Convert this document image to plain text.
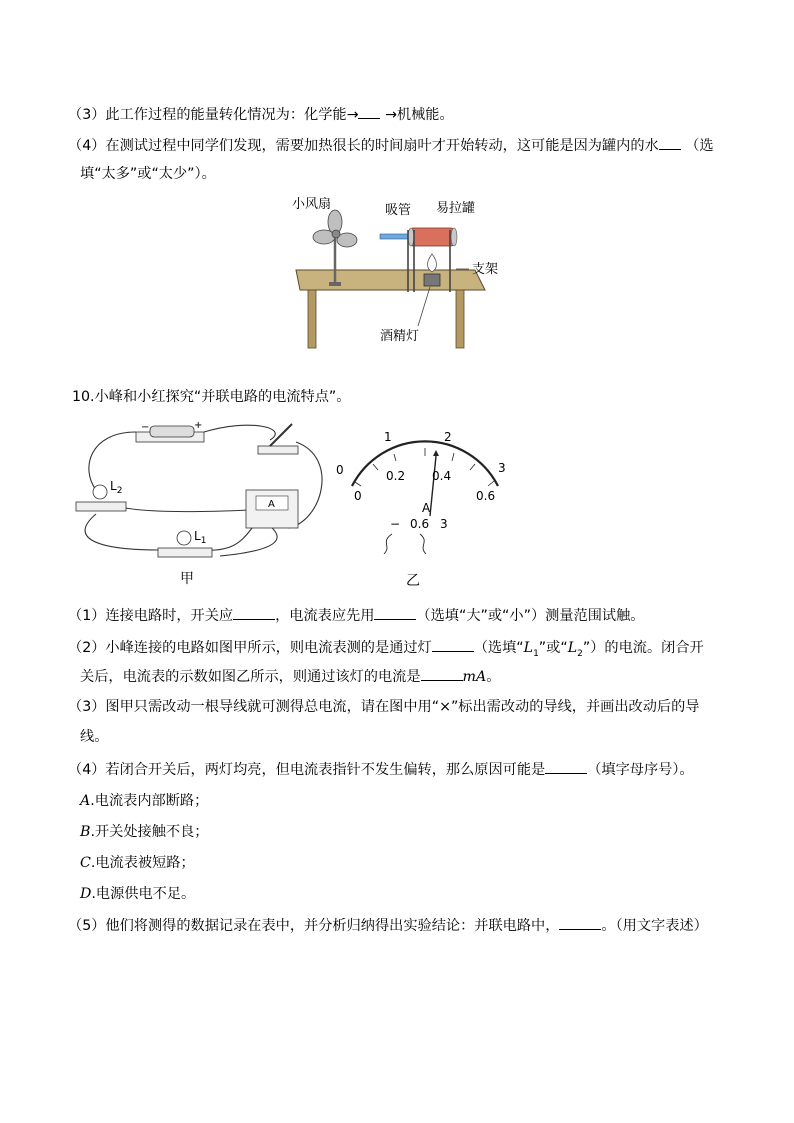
（3）此工作过程的能量转化情况为：化学能→ →机械能。
（4）在测试过程中同学们发现，需要加热很长的时间扇叶才开始转动，这可能是因为罐内的水 （选
填“太多”或“太少”）。
小风扇	吸管 易拉罐
支架
酒精灯
10.小峰和小红探究“并联电路的电流特点”。
−	+
$L_2$
$L_1$
A
甲
0
1	2
3
0
0.2 0.4
0.6
A
− 0.6 3
乙
（1）连接电路时，开关应	，电流表应先用	（选填“大”或“小”）测量范围试触。
（2）小峰连接的电路如图甲所示，则电流表测的是通过灯	（选填“$L_1$”或“$L_2$”）的电流。闭合开
关后，电流表的示数如图乙所示，则通过该灯的电流是	mA。
（3）图甲只需改动一根导线就可测得总电流，请在图中用“×”标出需改动的导线，并画出改动后的导
线。
（4）若闭合开关后，两灯均亮，但电流表指针不发生偏转，那么原因可能是	（填字母序号）。
A.电流表内部断路；
B.开关处接触不良；
C.电流表被短路；
D.电源供电不足。
（5）他们将测得的数据记录在表中，并分析归纳得出实验结论：并联电路中，	。（用文字表述）
